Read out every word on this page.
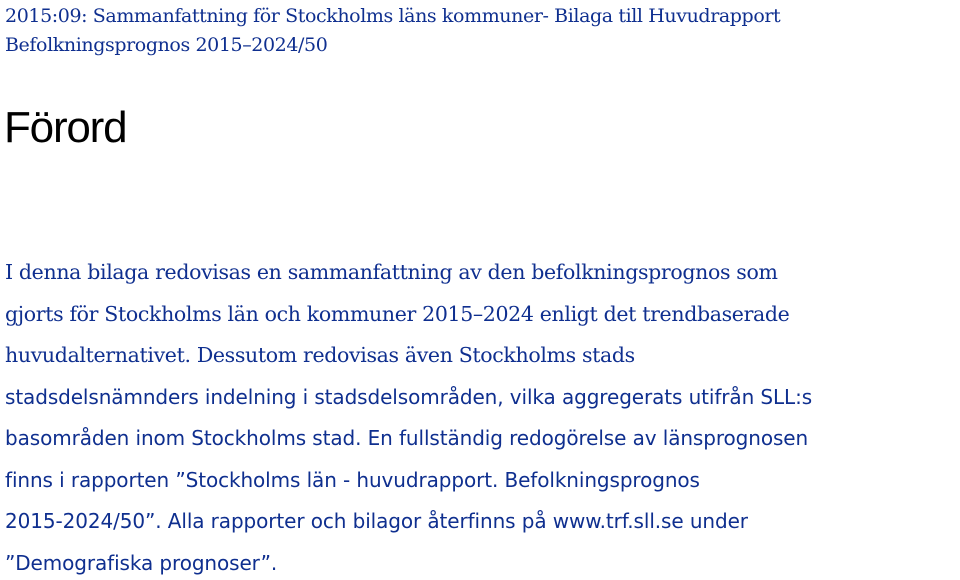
2015:09: Sammanfattning för Stockholms läns kommuner- Bilaga till Huvudrapport
Befolkningsprognos 2015–2024/50
Förord
I denna bilaga redovisas en sammanfattning av den befolkningsprognos som
gjorts för Stockholms län och kommuner 2015–2024 enligt det trendbaserade
huvudalternativet. Dessutom redovisas även Stockholms stads
stadsdelsnämnders indelning i stadsdelsområden, vilka aggregerats utifrån SLL:s
basområden inom Stockholms stad. En fullständig redogörelse av länsprognosen
finns i rapporten ”Stockholms län - huvudrapport. Befolkningsprognos
2015-2024/50”. Alla rapporter och bilagor återfinns på www.trf.sll.se under
”Demografiska prognoser”.
